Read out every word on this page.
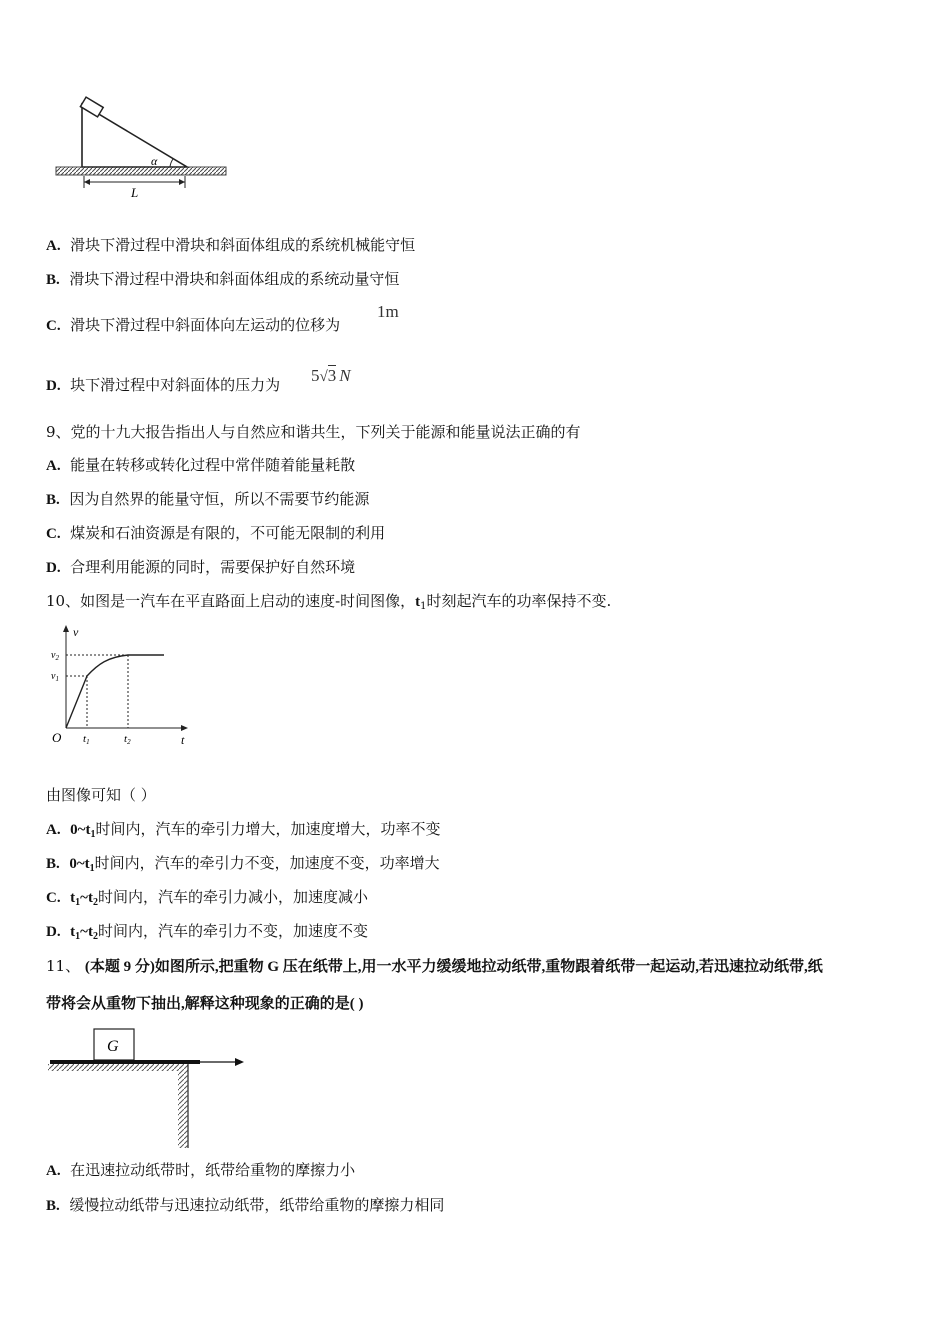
α
L
A. 滑块下滑过程中滑块和斜面体组成的系统机械能守恒
B. 滑块下滑过程中滑块和斜面体组成的系统动量守恒
C. 滑块下滑过程中斜面体向左运动的位移为
1m
D. 块下滑过程中对斜面体的压力为 5√3 N
9、党的十九大报告指出人与自然应和谐共生，下列关于能源和能量说法正确的有
A. 能量在转移或转化过程中常伴随着能量耗散
B. 因为自然界的能量守恒，所以不需要节约能源
C. 煤炭和石油资源是有限的，不可能无限制的利用
D. 合理利用能源的同时，需要保护好自然环境
10、如图是一汽车在平直路面上启动的速度-时间图像，$t_1$时刻起汽车的功率保持不变.
v
t
O
$v_2$
$v_1$
t1	t2
由图像可知（ ）
A. $0\sim t_1$时间内，汽车的牵引力增大，加速度增大，功率不变
B. $0\sim t_1$时间内，汽车的牵引力不变，加速度不变，功率增大
C. $t_1\sim t_2$时间内，汽车的牵引力减小，加速度减小
D. $t_1\sim t_2$时间内，汽车的牵引力不变，加速度不变
11、 (本题 9 分)如图所示,把重物 G 压在纸带上,用一水平力缓缓地拉动纸带,重物跟着纸带一起运动,若迅速拉动纸带,纸
带将会从重物下抽出,解释这种现象的正确的是( )
G
A. 在迅速拉动纸带时，纸带给重物的摩擦力小
B. 缓慢拉动纸带与迅速拉动纸带，纸带给重物的摩擦力相同
